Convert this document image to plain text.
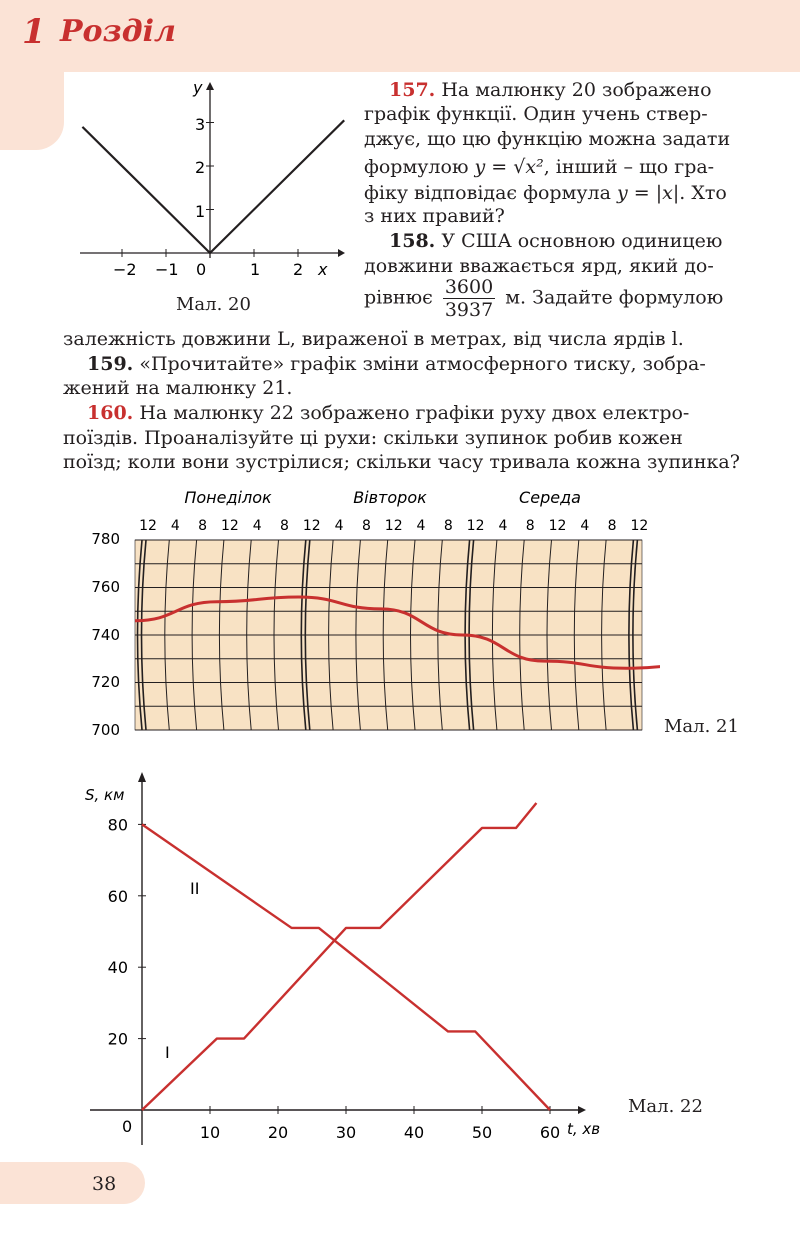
1 Розділ
38
y
x
0
−2 −1	1 2
1
2
3
Мал. 20
157. На малюнку 20 зображено
графік функції. Один учень ствер-
джує, що цю функцію можна задати
формулою y = √x², інший – що гра-
фіку відповідає формула y = |x|. Хто
з них правий?
158. У США основною одиницею
довжини вважається ярд, який до-
рівнює $\frac{3600}{3937} м$. Задайте формулою
залежність довжини L, вираженої в метрах, від числа ярдів l.
159. «Прочитайте» графік зміни атмосферного тиску, зобра-
жений на малюнку 21.
160. На малюнку 22 зображено графіки руху двох електро-
поїздів. Проаналізуйте ці рухи: скільки зупинок робив кожен
поїзд; коли вони зустрілися; скільки часу тривала кожна зупинка?
Понеділок	Вівторок	Середа
12 4 8 12 4 8 12 4 8 12 4 8 12 4 8 12 4 8 12
780
760
740
720
700	Мал. 21
S, км
t, хв
0	10	20	30	40	50	60
80
60
40
20
II
I
Мал. 22
